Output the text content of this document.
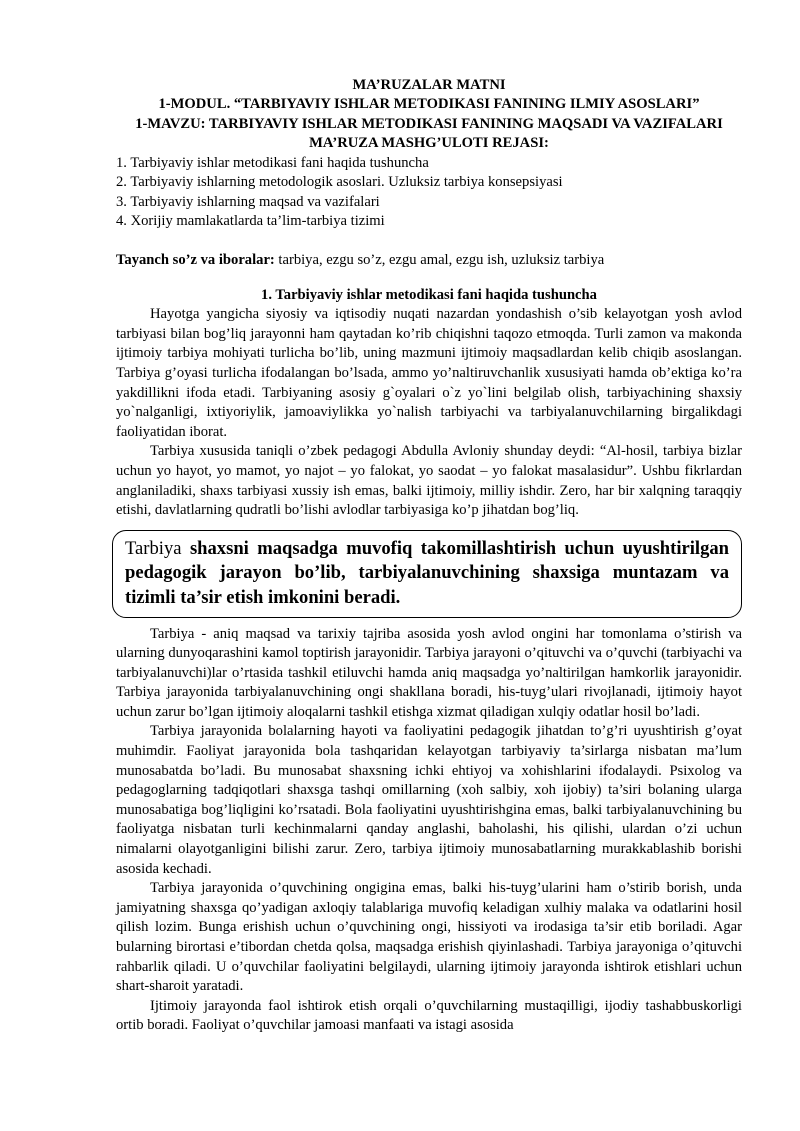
MA’RUZALAR MATNI

1-MODUL. “TARBIYAVIY ISHLAR METODIKASI FANINING ILMIY ASOSLARI”

1-MAVZU: TARBIYAVIY ISHLAR METODIKASI FANINING MAQSADI VA VAZIFALARI

MA’RUZA MASHG’ULOTI REJASI:

1. Tarbiyaviy ishlar metodikasi fani haqida tushuncha

2. Tarbiyaviy ishlarning metodologik asoslari. Uzluksiz tarbiya konsepsiyasi

3. Tarbiyaviy ishlarning maqsad va vazifalari

4. Xorijiy mamlakatlarda ta’lim-tarbiya tizimi

Tayanch so’z va iboralar: tarbiya, ezgu so’z, ezgu amal, ezgu ish, uzluksiz tarbiya

1. Tarbiyaviy ishlar metodikasi fani haqida tushuncha

Hayotga yangicha siyosiy va iqtisodiy nuqati nazardan yondashish o’sib kelayotgan yosh avlod tarbiyasi bilan bog’liq jarayonni ham qaytadan ko’rib chiqishni taqozo etmoqda. Turli zamon va makonda ijtimoiy tarbiya mohiyati turlicha bo’lib, uning mazmuni ijtimoiy maqsadlardan kelib chiqib asoslangan. Tarbiya g’oyasi turlicha ifodalangan bo’lsada, ammo yo’naltiruvchanlik xususiyati hamda ob’ektiga ko’ra yakdillikni ifoda etadi. Tarbiyaning asosiy g`oyalari o`z yo`lini belgilab olish, tarbiyachining shaxsiy yo`nalganligi, ixtiyoriylik, jamoaviylikka yo`nalish tarbiyachi va tarbiyalanuvchilarning birgalikdagi faoliyatidan iborat.

Tarbiya xususida taniqli o’zbek pedagogi Abdulla Avloniy shunday deydi: “Al-hosil, tarbiya bizlar uchun yo hayot, yo mamot, yo najot – yo falokat, yo saodat – yo falokat masalasidur”. Ushbu fikrlardan anglaniladiki, shaxs tarbiyasi xussiy ish emas, balki ijtimoiy, milliy ishdir. Zero, har bir xalqning taraqqiy etishi, davlatlarning qudratli bo’lishi avlodlar tarbiyasiga ko’p jihatdan bog’liq.

Tarbiya shaxsni maqsadga muvofiq takomillashtirish uchun uyushtirilgan pedagogik jarayon bo’lib, tarbiyalanuvchining shaxsiga muntazam va tizimli ta’sir etish imkonini beradi.

Tarbiya - aniq maqsad va tarixiy tajriba asosida yosh avlod ongini har tomonlama o’stirish va ularning dunyoqarashini kamol toptirish jarayonidir. Tarbiya jarayoni o’qituvchi va o’quvchi (tarbiyachi va tarbiyalanuvchi)lar o’rtasida tashkil etiluvchi hamda aniq maqsadga yo’naltirilgan hamkorlik jarayonidir. Tarbiya jarayonida tarbiyalanuvchining ongi shakllana boradi, his-tuyg’ulari rivojlanadi, ijtimoiy hayot uchun zarur bo’lgan ijtimoiy aloqalarni tashkil etishga xizmat qiladigan xulqiy odatlar hosil bo’ladi.

Tarbiya jarayonida bolalarning hayoti va faoliyatini pedagogik jihatdan to’g’ri uyushtirish g’oyat muhimdir. Faoliyat jarayonida bola tashqaridan kelayotgan tarbiyaviy ta’sirlarga nisbatan ma’lum munosabatda bo’ladi. Bu munosabat shaxsning ichki ehtiyoj va xohishlarini ifodalaydi. Psixolog va pedagoglarning tadqiqotlari shaxsga tashqi omillarning (xoh salbiy, xoh ijobiy) ta’siri bolaning ularga munosabatiga bog’liqligini ko’rsatadi. Bola faoliyatini uyushtirishgina emas, balki tarbiyalanuvchining bu faoliyatga nisbatan turli kechinmalarni qanday anglashi, baholashi, his qilishi, ulardan o’zi uchun nimalarni olayotganligini bilishi zarur. Zero, tarbiya ijtimoiy munosabatlarning murakkablashib borishi asosida kechadi.

Tarbiya jarayonida o’quvchining ongigina emas, balki his-tuyg’ularini ham o’stirib borish, unda jamiyatning shaxsga qo’yadigan axloqiy talablariga muvofiq keladigan xulhiy malaka va odatlarini hosil qilish lozim. Bunga erishish uchun o’quvchining ongi, hissiyoti va irodasiga ta’sir etib boriladi. Agar bularning birortasi e’tibordan chetda qolsa, maqsadga erishish qiyinlashadi. Tarbiya jarayoniga o’qituvchi rahbarlik qiladi. U o’quvchilar faoliyatini belgilaydi, ularning ijtimoiy jarayonda ishtirok etishlari uchun shart-sharoit yaratadi.

Ijtimoiy jarayonda faol ishtirok etish orqali o’quvchilarning mustaqilligi, ijodiy tashabbuskorligi ortib boradi. Faoliyat o’quvchilar jamoasi manfaati va istagi asosida
